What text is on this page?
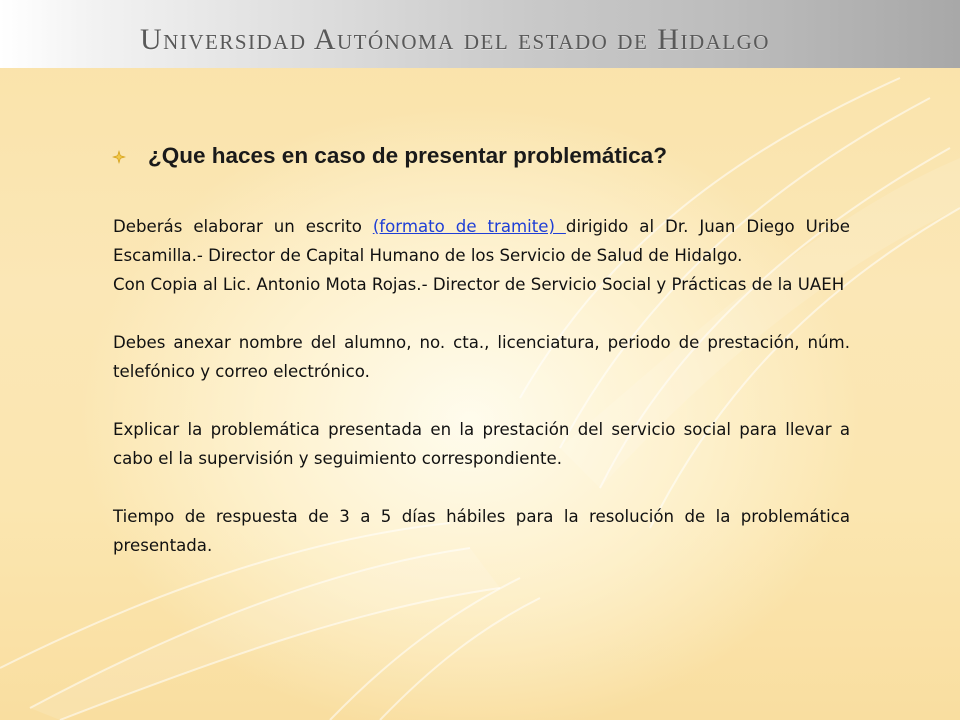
Universidad Autónoma del estado de Hidalgo
¿Que haces en caso de presentar problemática?

Deberás elaborar un escrito (formato de tramite) dirigido al Dr. Juan Diego Uribe Escamilla.- Director de Capital Humano de los Servicio de Salud de Hidalgo.

Con Copia al Lic. Antonio Mota Rojas.- Director de Servicio Social y Prácticas de la UAEH

Debes anexar nombre del alumno, no. cta., licenciatura, periodo de prestación, núm. telefónico y correo electrónico.

Explicar la problemática presentada en la prestación del servicio social para llevar a cabo el la supervisión y seguimiento correspondiente.

Tiempo de respuesta de 3 a 5 días hábiles para la resolución de la problemática presentada.
